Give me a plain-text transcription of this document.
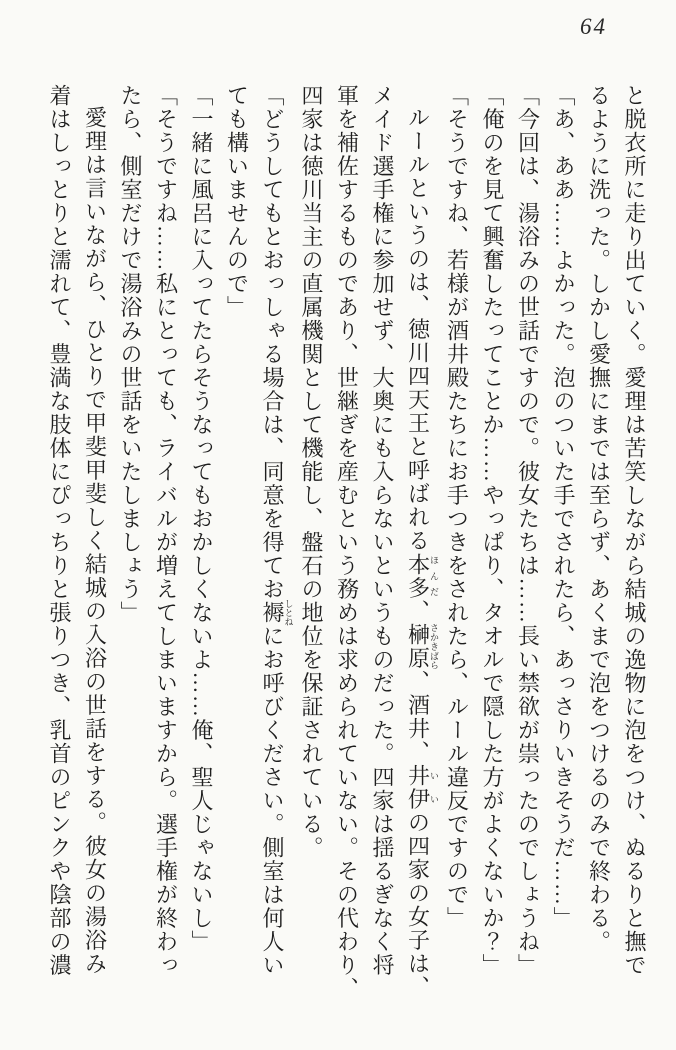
64

と脱衣所に走り出ていく。愛理は苦笑しながら結城の逸物に泡をつけ、ぬるりと撫で

るように洗った。しかし愛撫にまでは至らず、あくまで泡をつけるのみで終わる。

「あ、ああ……よかった。泡のついた手でされたら、あっさりいきそうだ……」

「今回は、湯浴みの世話ですので。彼女たちは……長い禁欲が祟ったのでしょうね」

「俺のを見て興奮したってことか……やっぱり、タオルで隠した方がよくないか？」

「そうですね、若様が酒井殿たちにお手つきをされたら、ルール違反ですので」

ルールというのは、徳川四天王と呼ばれる本多ほんだ、榊原さかきばら、酒井、井伊いいの四家の女子は、

メイド選手権に参加せず、大奥にも入らないというものだった。四家は揺るぎなく将

軍を補佐するものであり、世継ぎを産むという務めは求められていない。その代わり、

四家は徳川当主の直属機関として機能し、盤石の地位を保証されている。

「どうしてもとおっしゃる場合は、同意を得てお褥しとねにお呼びください。側室は何人い

ても構いませんので」

「一緒に風呂に入ってたらそうなってもおかしくないよ……俺、聖人じゃないし」

「そうですね……私にとっても、ライバルが増えてしまいますから。選手権が終わっ

たら、側室だけで湯浴みの世話をいたしましょう」

愛理は言いながら、ひとりで甲斐甲斐しく結城の入浴の世話をする。彼女の湯浴み

着はしっとりと濡れて、豊満な肢体にぴっちりと張りつき、乳首のピンクや陰部の濃
